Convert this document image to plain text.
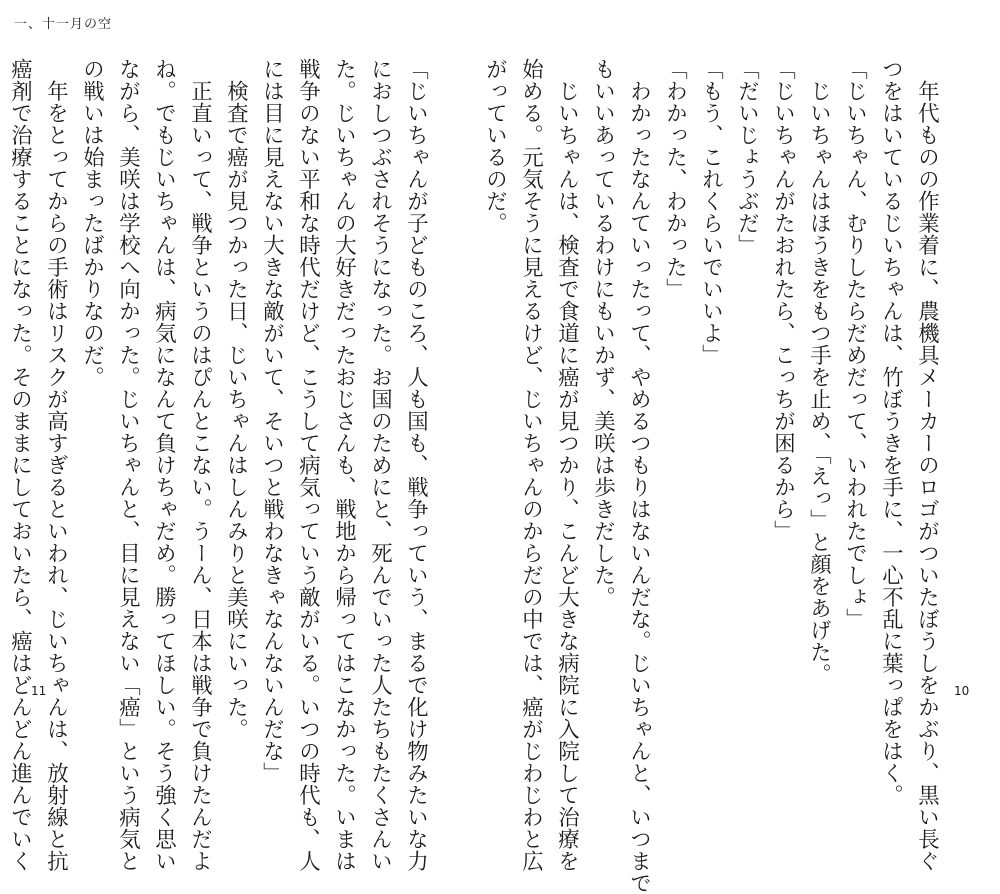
一、十一月の空
　年代ものの作業着に、農機具メーカーのロゴがついたぼうしをかぶり、黒い長ぐ
つをはいているじいちゃんは、竹ぼうきを手に、一心不乱に葉っぱをはく。
「じいちゃん、むりしたらだめだって、いわれたでしょ」
　じいちゃんはほうきをもつ手を止め、「えっ」と顔をあげた。
「じいちゃんがたおれたら、こっちが困るから」
「だいじょうぶだ」
「もう、これくらいでいいよ」
「わかった、わかった」
　わかったなんていったって、やめるつもりはないんだな。じいちゃんと、いつまで
もいいあっているわけにもいかず、美咲は歩きだした。
　じいちゃんは、検査で食道に癌が見つかり、こんど大きな病院に入院して治療を
始める。元気そうに見えるけど、じいちゃんのからだの中では、癌がじわじわと広
がっているのだ。
「じいちゃんが子どものころ、人も国も、戦争っていう、まるで化け物みたいな力
におしつぶされそうになった。お国のためにと、死んでいった人たちもたくさんい
た。じいちゃんの大好きだったおじさんも、戦地から帰ってはこなかった。いまは
戦争のない平和な時代だけど、こうして病気っていう敵がいる。いつの時代も、人
には目に見えない大きな敵がいて、そいつと戦わなきゃなんないんだな」
　検査で癌が見つかった日、じいちゃんはしんみりと美咲にいった。
　正直いって、戦争というのはぴんとこない。うーん、日本は戦争で負けたんだよ
ね。でもじいちゃんは、病気になんて負けちゃだめ。勝ってほしい。そう強く思い
ながら、美咲は学校へ向かった。じいちゃんと、目に見えない「癌」という病気と
の戦いは始まったばかりなのだ。
　年をとってからの手術はリスクが高すぎるといわれ、じいちゃんは、放射線と抗
癌剤で治療することになった。そのままにしておいたら、癌はどんどん進んでいく
11	10
